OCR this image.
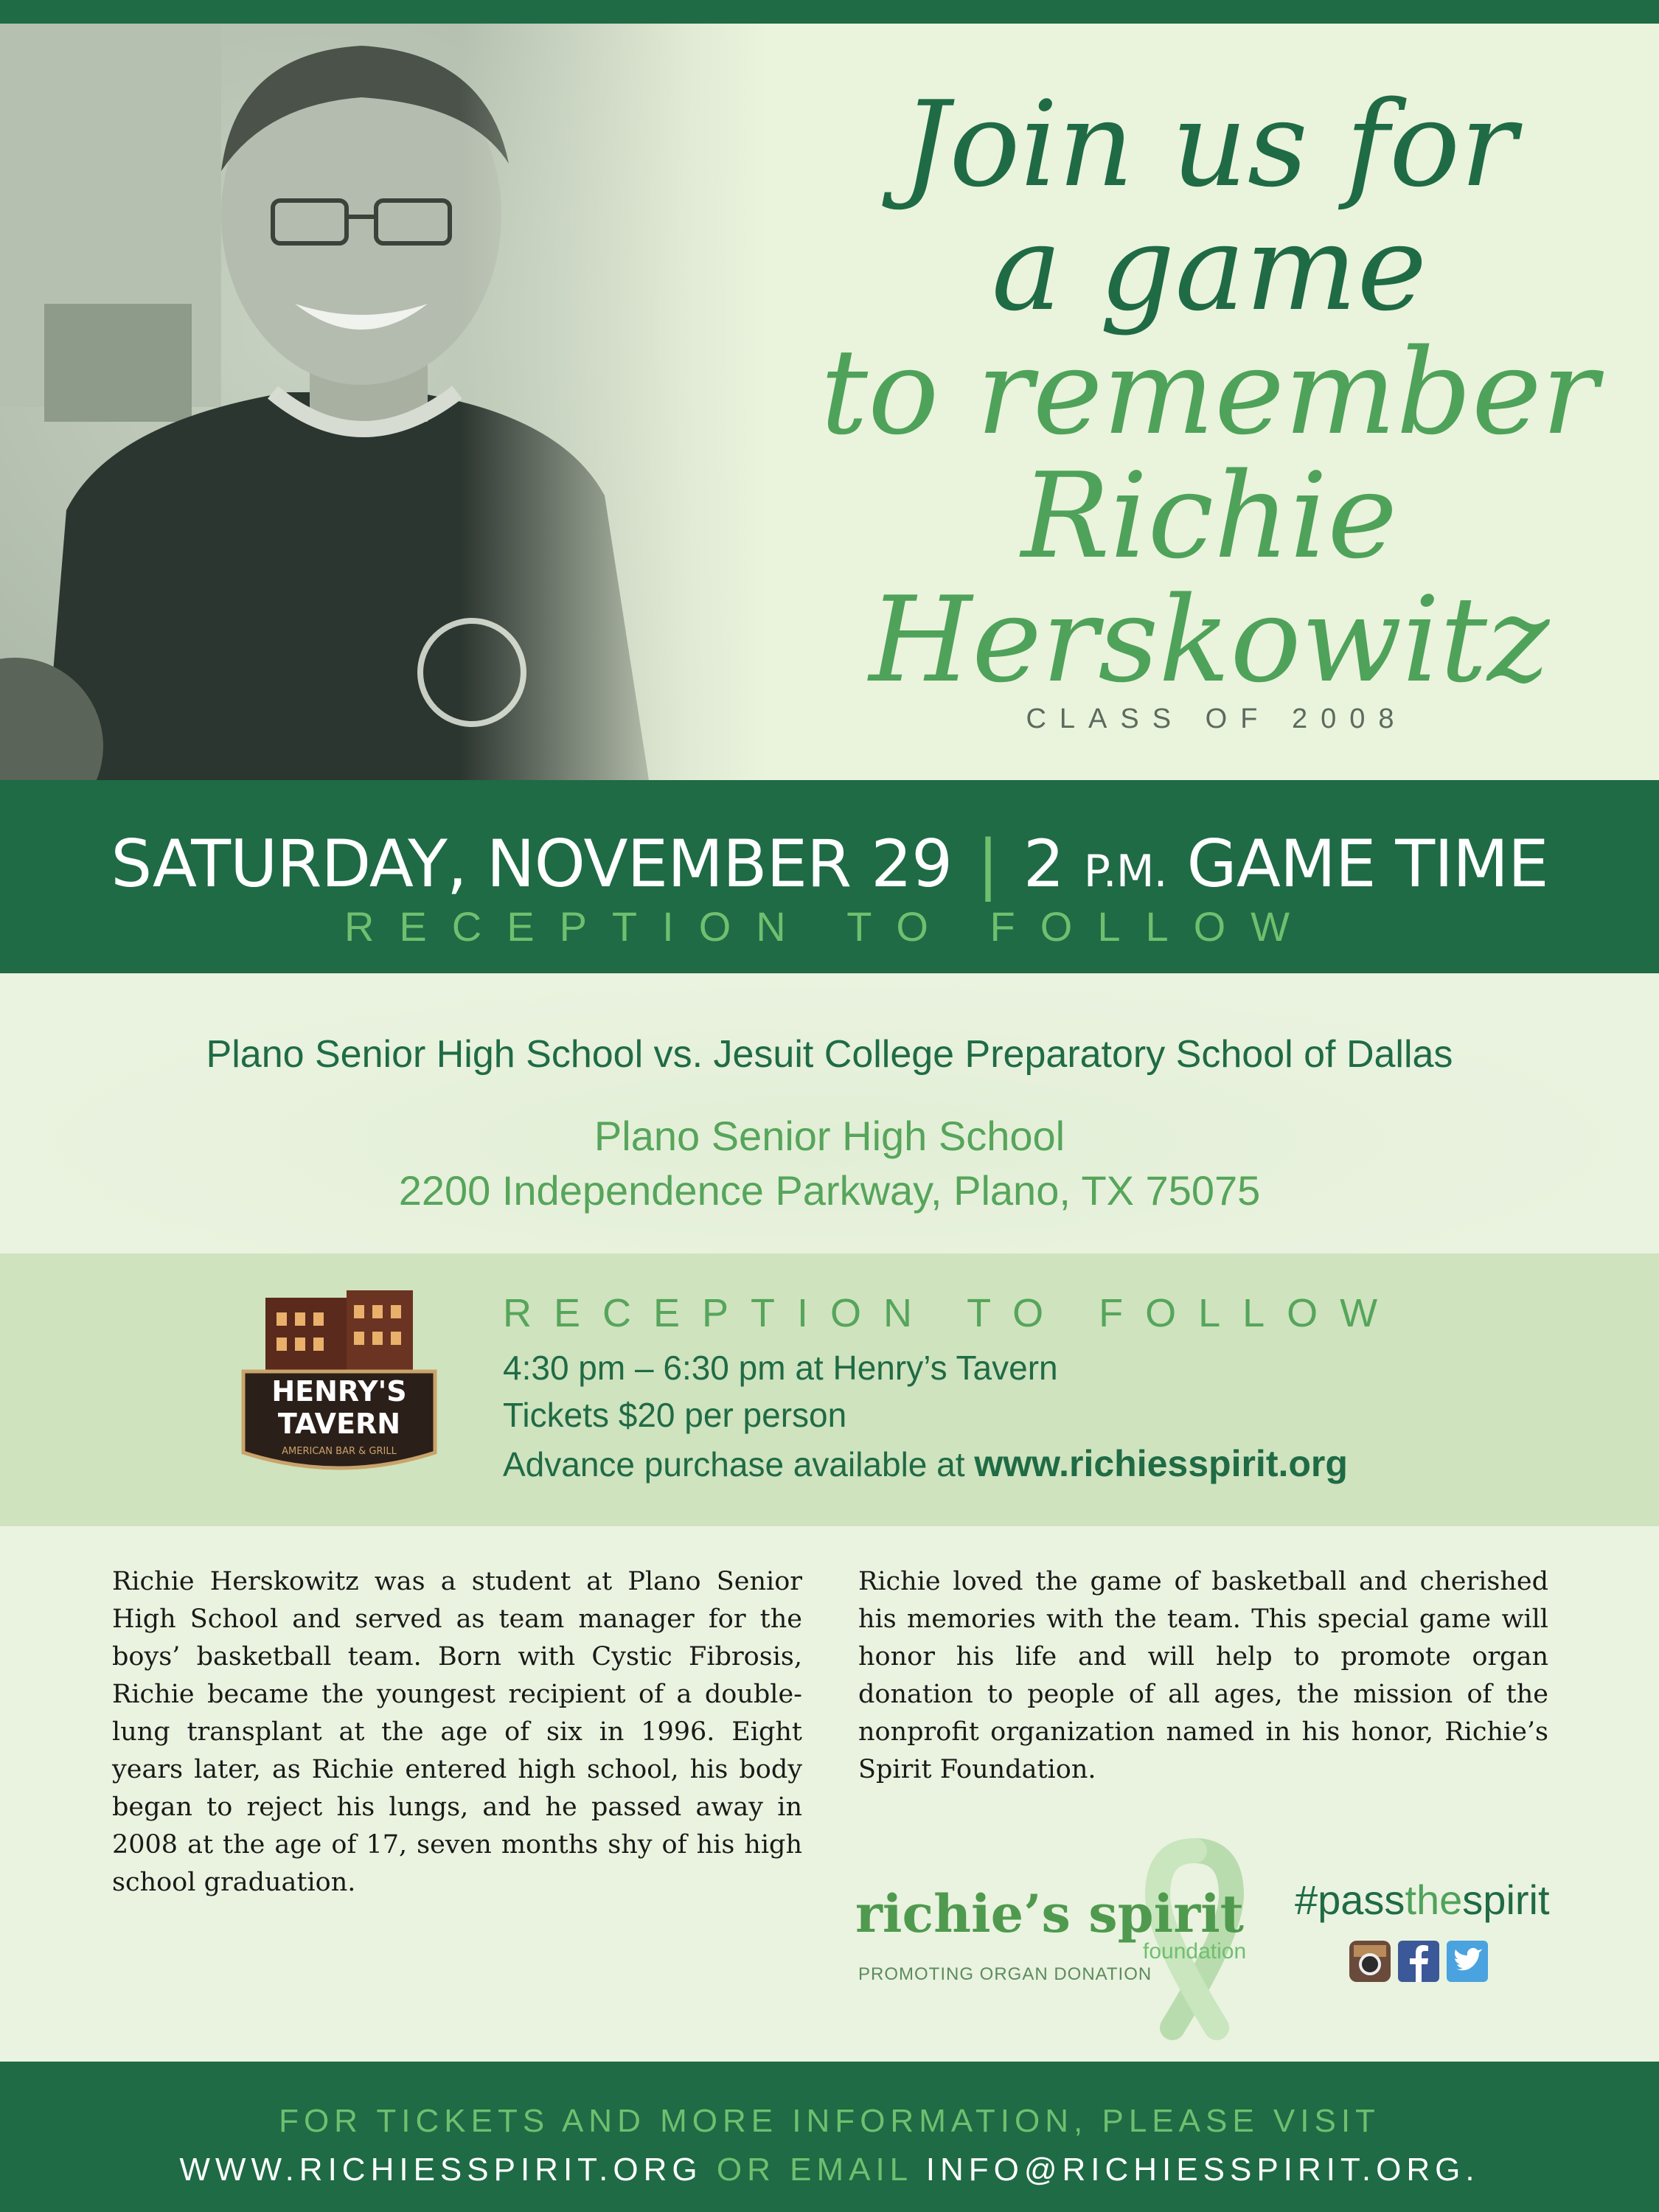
Join us for
a game
to remember
Richie
Herskowitz
CLASS OF 2008
SATURDAY, NOVEMBER 29 | 2 P.M. GAME TIME
RECEPTION TO FOLLOW
Plano Senior High School vs. Jesuit College Preparatory School of Dallas
Plano Senior High School
2200 Independence Parkway, Plano, TX 75075
HENRY'S
TAVERN
AMERICAN BAR & GRILL
RECEPTION TO FOLLOW
4:30 pm – 6:30 pm at Henry’s Tavern
Tickets $20 per person
Advance purchase available at www.richiesspirit.org
Richie Herskowitz was a student at Plano Senior High School and served as team manager for the boys’ basketball team. Born with Cystic Fibrosis, Richie became the youngest recipient of a double-lung transplant at the age of six in 1996. Eight years later, as Richie entered high school, his body began to reject his lungs, and he passed away in 2008 at the age of 17, seven months shy of his high school graduation.
Richie loved the game of basketball and cherished his memories with the team. This special game will honor his life and will help to promote organ donation to people of all ages, the mission of the nonprofit organization named in his honor, Richie’s Spirit Foundation.
richie’s spirit
foundation
PROMOTING ORGAN DONATION
#passthespirit
FOR TICKETS AND MORE INFORMATION, PLEASE VISIT
WWW.RICHIESSPIRIT.ORG OR EMAIL INFO@RICHIESSPIRIT.ORG.
